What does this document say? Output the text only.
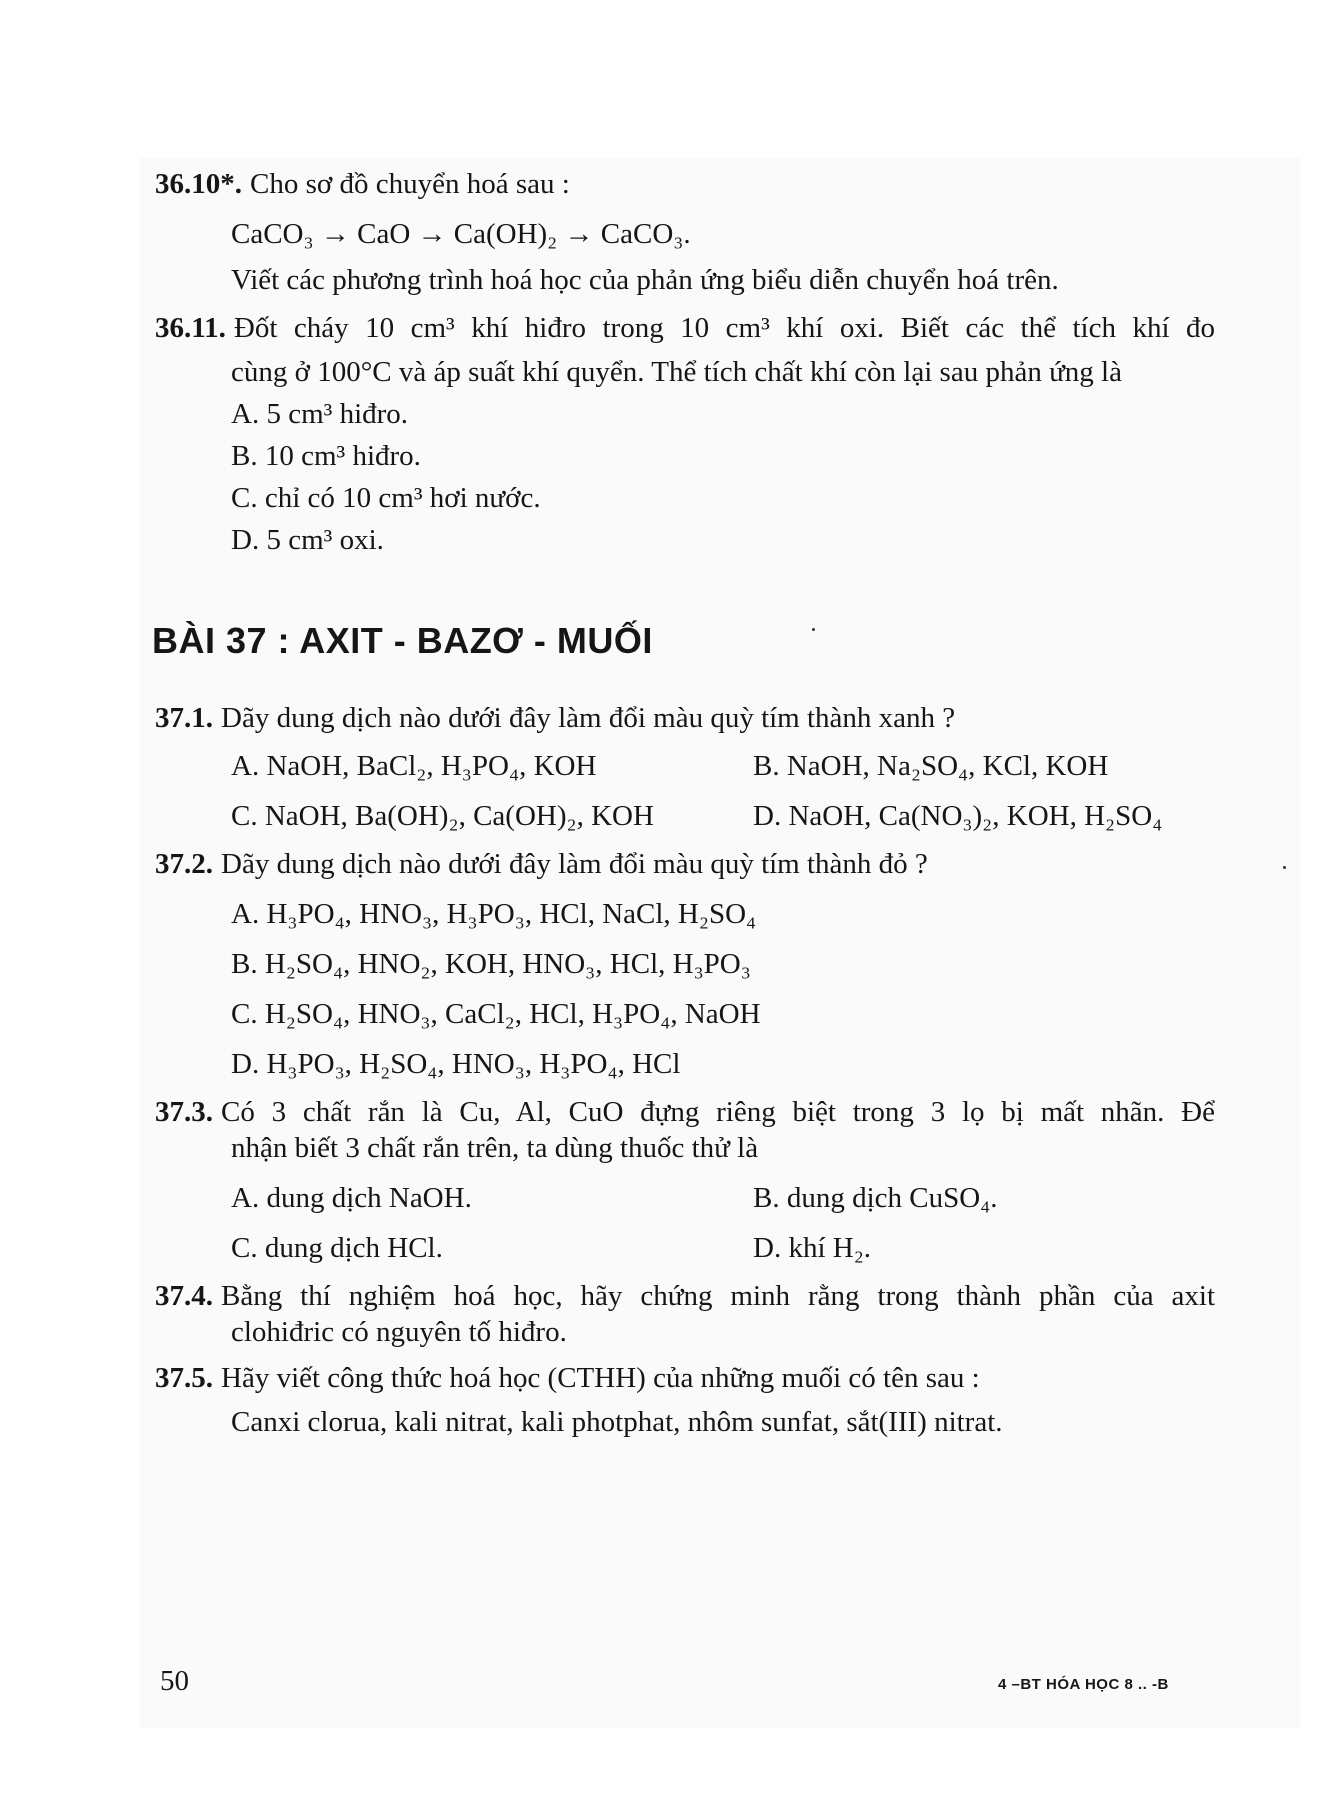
36.10*. Cho sơ đồ chuyển hoá sau :

CaCO₃ → CaO → Ca(OH)₂ → CaCO₃.

Viết các phương trình hoá học của phản ứng biểu diễn chuyển hoá trên.

36.11. Đốt cháy 10 cm³ khí hiđro trong 10 cm³ khí oxi. Biết các thể tích khí đo

cùng ở 100°C và áp suất khí quyển. Thể tích chất khí còn lại sau phản ứng là

A. 5 cm³ hiđro.

B. 10 cm³ hiđro.

C. chỉ có 10 cm³ hơi nước.

D. 5 cm³ oxi.

BÀI 37 : AXIT - BAZƠ - MUỐI

37.1. Dãy dung dịch nào dưới đây làm đổi màu quỳ tím thành xanh ?

A. NaOH, BaCl₂, H₃PO₄, KOH	B. NaOH, Na₂SO₄, KCl, KOH
C. NaOH, Ba(OH)₂, Ca(OH)₂, KOH	D. NaOH, Ca(NO₃)₂, KOH, H₂SO₄

37.2. Dãy dung dịch nào dưới đây làm đổi màu quỳ tím thành đỏ ?

A. H₃PO₄, HNO₃, H₃PO₃, HCl, NaCl, H₂SO₄

B. H₂SO₄, HNO₂, KOH, HNO₃, HCl, H₃PO₃

C. H₂SO₄, HNO₃, CaCl₂, HCl, H₃PO₄, NaOH

D. H₃PO₃, H₂SO₄, HNO₃, H₃PO₄, HCl

37.3. Có 3 chất rắn là Cu, Al, CuO đựng riêng biệt trong 3 lọ bị mất nhãn. Để

nhận biết 3 chất rắn trên, ta dùng thuốc thử là

A. dung dịch NaOH.	B. dung dịch CuSO₄.
C. dung dịch HCl.	D. khí H₂.

37.4. Bằng thí nghiệm hoá học, hãy chứng minh rằng trong thành phần của axit

clohiđric có nguyên tố hiđro.

37.5. Hãy viết công thức hoá học (CTHH) của những muối có tên sau :

Canxi clorua, kali nitrat, kali photphat, nhôm sunfat, sắt(III) nitrat.

50	4 –BT HÓA HỌC 8 .. -B
